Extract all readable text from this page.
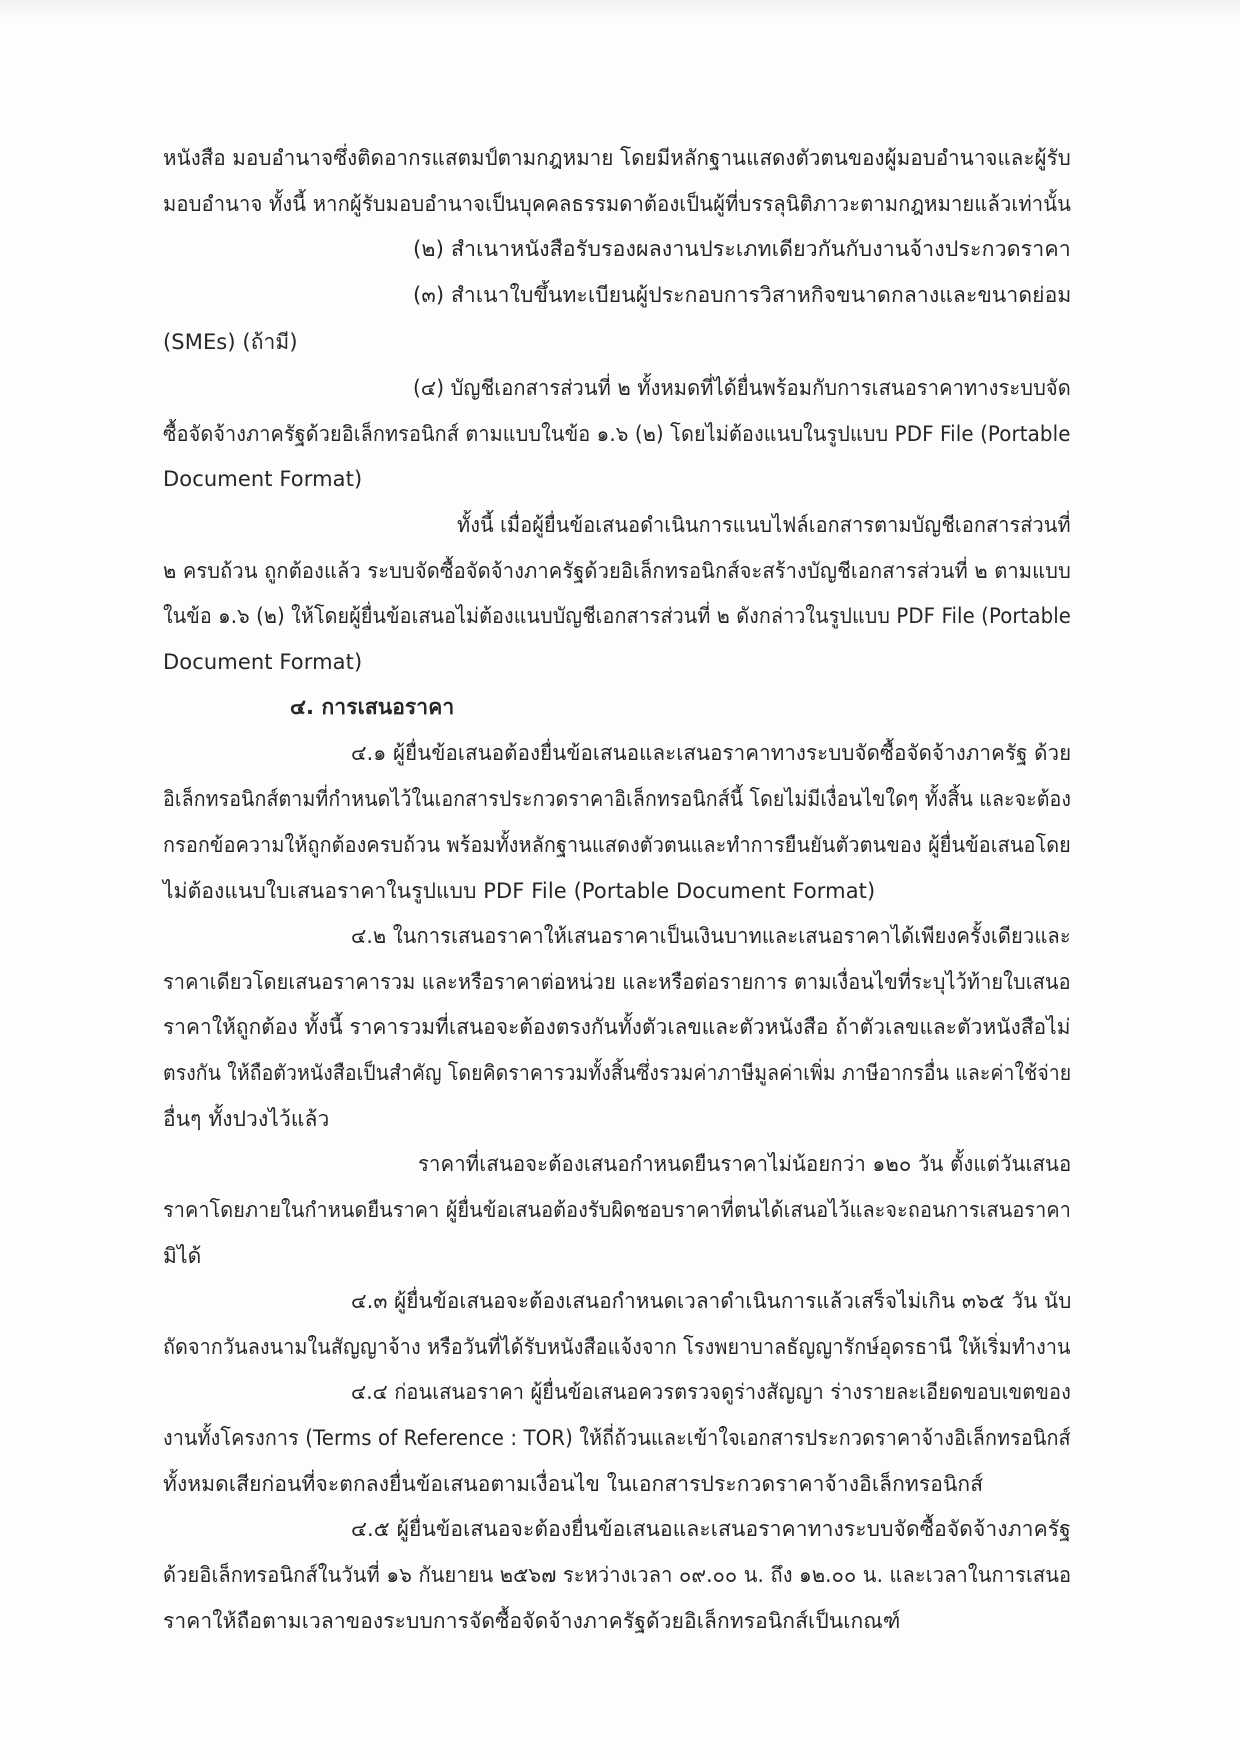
หนังสือ มอบอำนาจซึ่งติดอากรแสตมป์ตามกฎหมาย โดยมีหลักฐานแสดงตัวตนของผู้มอบอำนาจและผู้รับ
มอบอำนาจ ทั้งนี้ หากผู้รับมอบอำนาจเป็นบุคคลธรรมดาต้องเป็นผู้ที่บรรลุนิติภาวะตามกฎหมายแล้วเท่านั้น
(๒) สำเนาหนังสือรับรองผลงานประเภทเดียวกันกับงานจ้างประกวดราคา
(๓) สำเนาใบขึ้นทะเบียนผู้ประกอบการวิสาหกิจขนาดกลางและขนาดย่อม
(SMEs) (ถ้ามี)
(๔) บัญชีเอกสารส่วนที่ ๒ ทั้งหมดที่ได้ยื่นพร้อมกับการเสนอราคาทางระบบจัด
ซื้อจัดจ้างภาครัฐด้วยอิเล็กทรอนิกส์ ตามแบบในข้อ ๑.๖ (๒) โดยไม่ต้องแนบในรูปแบบ PDF File (Portable
Document Format)
ทั้งนี้ เมื่อผู้ยื่นข้อเสนอดำเนินการแนบไฟล์เอกสารตามบัญชีเอกสารส่วนที่
๒ ครบถ้วน ถูกต้องแล้ว ระบบจัดซื้อจัดจ้างภาครัฐด้วยอิเล็กทรอนิกส์จะสร้างบัญชีเอกสารส่วนที่ ๒ ตามแบบ
ในข้อ ๑.๖ (๒) ให้โดยผู้ยื่นข้อเสนอไม่ต้องแนบบัญชีเอกสารส่วนที่ ๒ ดังกล่าวในรูปแบบ PDF File (Portable
Document Format)
๔. การเสนอราคา
๔.๑ ผู้ยื่นข้อเสนอต้องยื่นข้อเสนอและเสนอราคาทางระบบจัดซื้อจัดจ้างภาครัฐ ด้วย
อิเล็กทรอนิกส์ตามที่กำหนดไว้ในเอกสารประกวดราคาอิเล็กทรอนิกส์นี้ โดยไม่มีเงื่อนไขใดๆ ทั้งสิ้น และจะต้อง
กรอกข้อความให้ถูกต้องครบถ้วน พร้อมทั้งหลักฐานแสดงตัวตนและทำการยืนยันตัวตนของ ผู้ยื่นข้อเสนอโดย
ไม่ต้องแนบใบเสนอราคาในรูปแบบ PDF File (Portable Document Format)
๔.๒ ในการเสนอราคาให้เสนอราคาเป็นเงินบาทและเสนอราคาได้เพียงครั้งเดียวและ
ราคาเดียวโดยเสนอราคารวม และหรือราคาต่อหน่วย และหรือต่อรายการ ตามเงื่อนไขที่ระบุไว้ท้ายใบเสนอ
ราคาให้ถูกต้อง ทั้งนี้ ราคารวมที่เสนอจะต้องตรงกันทั้งตัวเลขและตัวหนังสือ ถ้าตัวเลขและตัวหนังสือไม่
ตรงกัน ให้ถือตัวหนังสือเป็นสำคัญ โดยคิดราคารวมทั้งสิ้นซึ่งรวมค่าภาษีมูลค่าเพิ่ม ภาษีอากรอื่น และค่าใช้จ่าย
อื่นๆ ทั้งปวงไว้แล้ว
ราคาที่เสนอจะต้องเสนอกำหนดยืนราคาไม่น้อยกว่า ๑๒๐ วัน ตั้งแต่วันเสนอ
ราคาโดยภายในกำหนดยืนราคา ผู้ยื่นข้อเสนอต้องรับผิดชอบราคาที่ตนได้เสนอไว้และจะถอนการเสนอราคา
มิได้
๔.๓ ผู้ยื่นข้อเสนอจะต้องเสนอกำหนดเวลาดำเนินการแล้วเสร็จไม่เกิน ๓๖๕ วัน นับ
ถัดจากวันลงนามในสัญญาจ้าง หรือวันที่ได้รับหนังสือแจ้งจาก โรงพยาบาลธัญญารักษ์อุดรธานี ให้เริ่มทำงาน
๔.๔ ก่อนเสนอราคา ผู้ยื่นข้อเสนอควรตรวจดูร่างสัญญา ร่างรายละเอียดขอบเขตของ
งานทั้งโครงการ (Terms of Reference : TOR) ให้ถี่ถ้วนและเข้าใจเอกสารประกวดราคาจ้างอิเล็กทรอนิกส์
ทั้งหมดเสียก่อนที่จะตกลงยื่นข้อเสนอตามเงื่อนไข ในเอกสารประกวดราคาจ้างอิเล็กทรอนิกส์
๔.๕ ผู้ยื่นข้อเสนอจะต้องยื่นข้อเสนอและเสนอราคาทางระบบจัดซื้อจัดจ้างภาครัฐ
ด้วยอิเล็กทรอนิกส์ในวันที่ ๑๖ กันยายน ๒๕๖๗ ระหว่างเวลา ๐๙.๐๐ น. ถึง ๑๒.๐๐ น. และเวลาในการเสนอ
ราคาให้ถือตามเวลาของระบบการจัดซื้อจัดจ้างภาครัฐด้วยอิเล็กทรอนิกส์เป็นเกณฑ์
